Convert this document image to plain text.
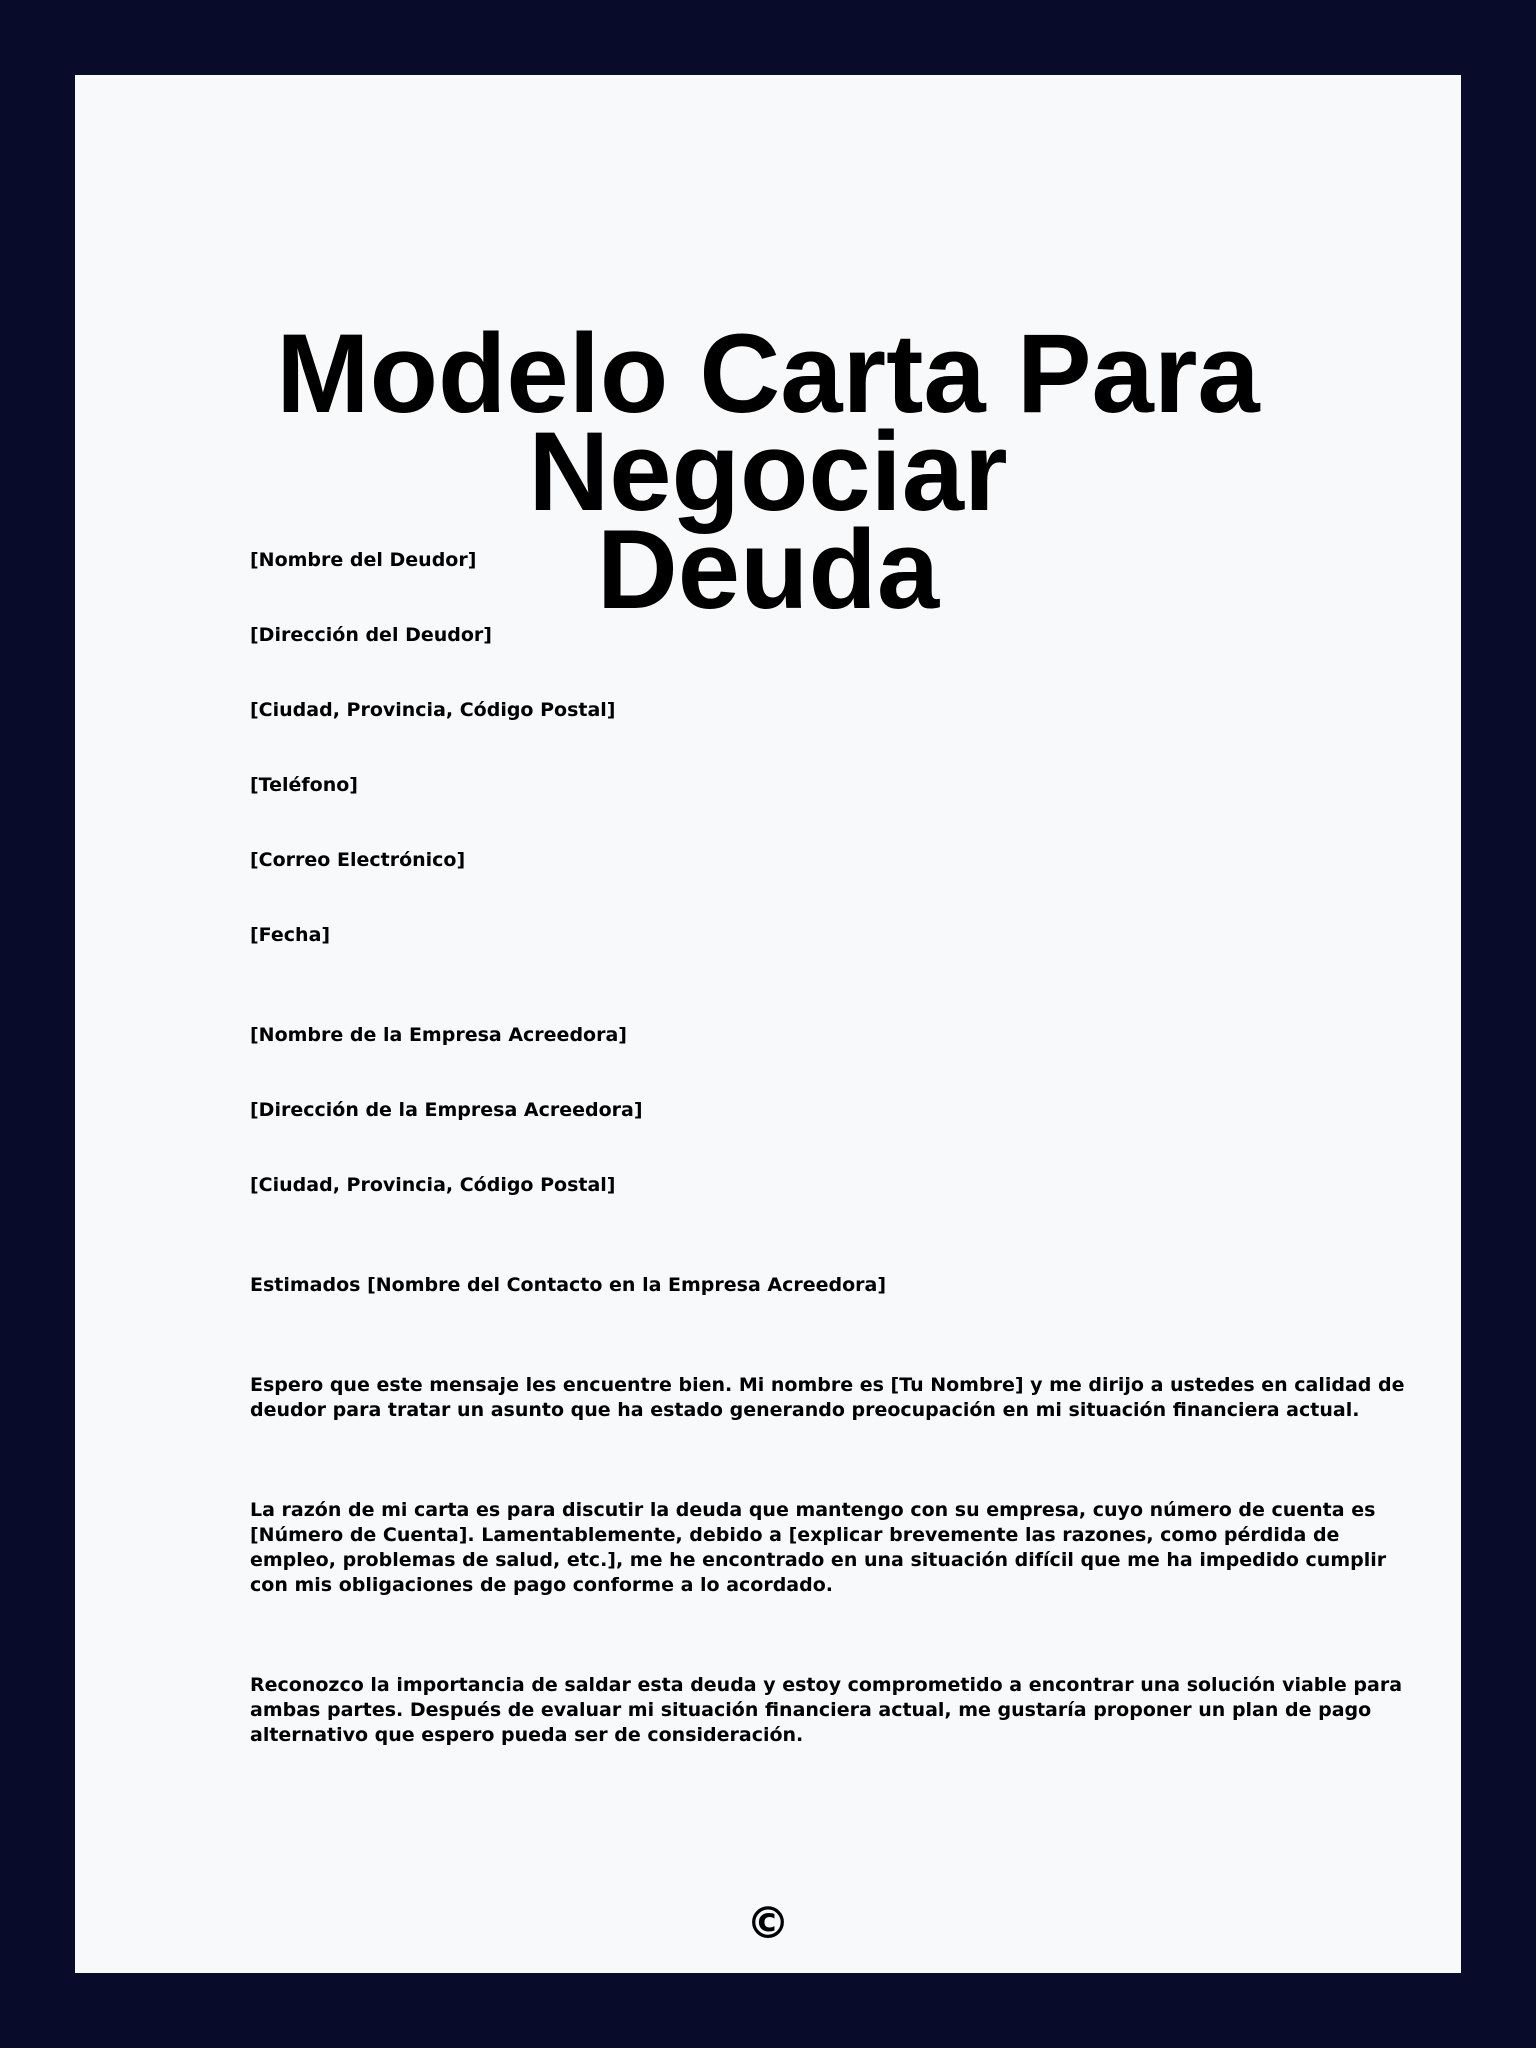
Modelo Carta Para Negociar
Deuda

[Nombre del Deudor]

[Dirección del Deudor]

[Ciudad, Provincia, Código Postal]

[Teléfono]

[Correo Electrónico]

[Fecha]

[Nombre de la Empresa Acreedora]

[Dirección de la Empresa Acreedora]

[Ciudad, Provincia, Código Postal]

Estimados [Nombre del Contacto en la Empresa Acreedora]

Espero que este mensaje les encuentre bien. Mi nombre es [Tu Nombre] y me dirijo a ustedes en calidad de
deudor para tratar un asunto que ha estado generando preocupación en mi situación financiera actual.
La razón de mi carta es para discutir la deuda que mantengo con su empresa, cuyo número de cuenta es
[Número de Cuenta]. Lamentablemente, debido a [explicar brevemente las razones, como pérdida de
empleo, problemas de salud, etc.], me he encontrado en una situación difícil que me ha impedido cumplir
con mis obligaciones de pago conforme a lo acordado.
Reconozco la importancia de saldar esta deuda y estoy comprometido a encontrar una solución viable para
ambas partes. Después de evaluar mi situación financiera actual, me gustaría proponer un plan de pago
alternativo que espero pueda ser de consideración.
©
